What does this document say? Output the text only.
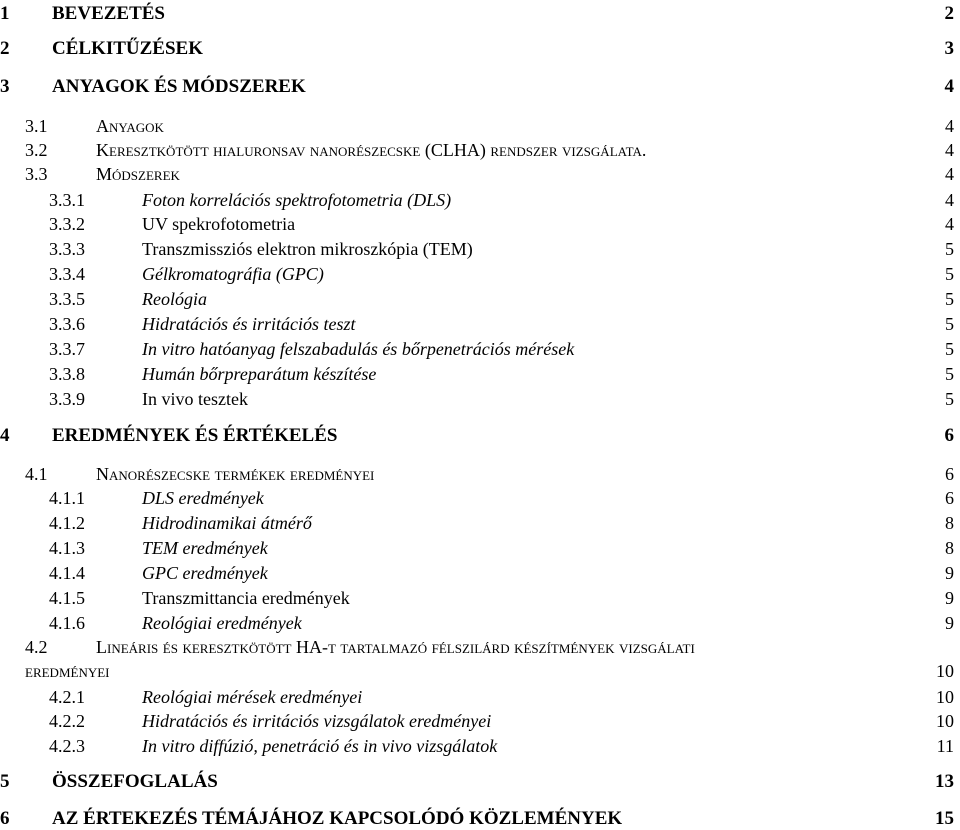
1 BEVEZETÉS	2
2 CÉLKITŰZÉSEK	3
3 ANYAGOK ÉS MÓDSZEREK	4
3.1	Anyagok	4
3.2	Keresztkötött hialuronsav nanorészecske (CLHA) rendszer vizsgálata.	4
3.3	Módszerek	4
3.3.1	Foton korrelációs spektrofotometria (DLS)	4
3.3.2	UV spekrofotometria	4
3.3.3	Transzmissziós elektron mikroszkópia (TEM)	5
3.3.4	Gélkromatográfia (GPC)	5
3.3.5	Reológia	5
3.3.6	Hidratációs és irritációs teszt	5
3.3.7	In vitro hatóanyag felszabadulás és bőrpenetrációs mérések	5
3.3.8	Humán bőrpreparátum készítése	5
3.3.9	In vivo tesztek	5
4 EREDMÉNYEK ÉS ÉRTÉKELÉS	6
4.1	Nanorészecske termékek eredményei	6
4.1.1	DLS eredmények	6
4.1.2	Hidrodinamikai átmérő	8
4.1.3	TEM eredmények	8
4.1.4	GPC eredmények	9
4.1.5	Transzmittancia eredmények	9
4.1.6	Reológiai eredmények	9
4.2	Lineáris és keresztkötött HA-t tartalmazó félszilárd készítmények vizsgálati
eredményei	10
4.2.1	Reológiai mérések eredményei	10
4.2.2	Hidratációs és irritációs vizsgálatok eredményei	10
4.2.3	In vitro diffúzió, penetráció és in vivo vizsgálatok	11
5 ÖSSZEFOGLALÁS	13
6 AZ ÉRTEKEZÉS TÉMÁJÁHOZ KAPCSOLÓDÓ KÖZLEMÉNYEK	15
